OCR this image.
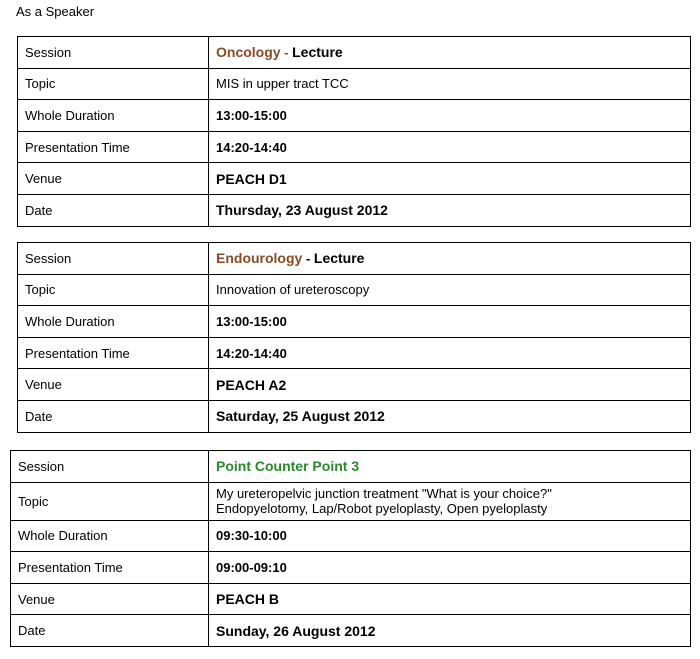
As a Speaker
Session	Oncology - Lecture
Topic	MIS in upper tract TCC
Whole Duration	13:00-15:00
Presentation Time	14:20-14:40
Venue	PEACH D1
Date	Thursday, 23 August 2012
Session	Endourology - Lecture
Topic	Innovation of ureteroscopy
Whole Duration	13:00-15:00
Presentation Time	14:20-14:40
Venue	PEACH A2
Date	Saturday, 25 August 2012
Session	Point Counter Point 3
Topic	My ureteropelvic junction treatment "What is your choice?"
Endopyelotomy, Lap/Robot pyeloplasty, Open pyeloplasty

Whole Duration	09:30-10:00
Presentation Time	09:00-09:10
Venue	PEACH B
Date	Sunday, 26 August 2012
